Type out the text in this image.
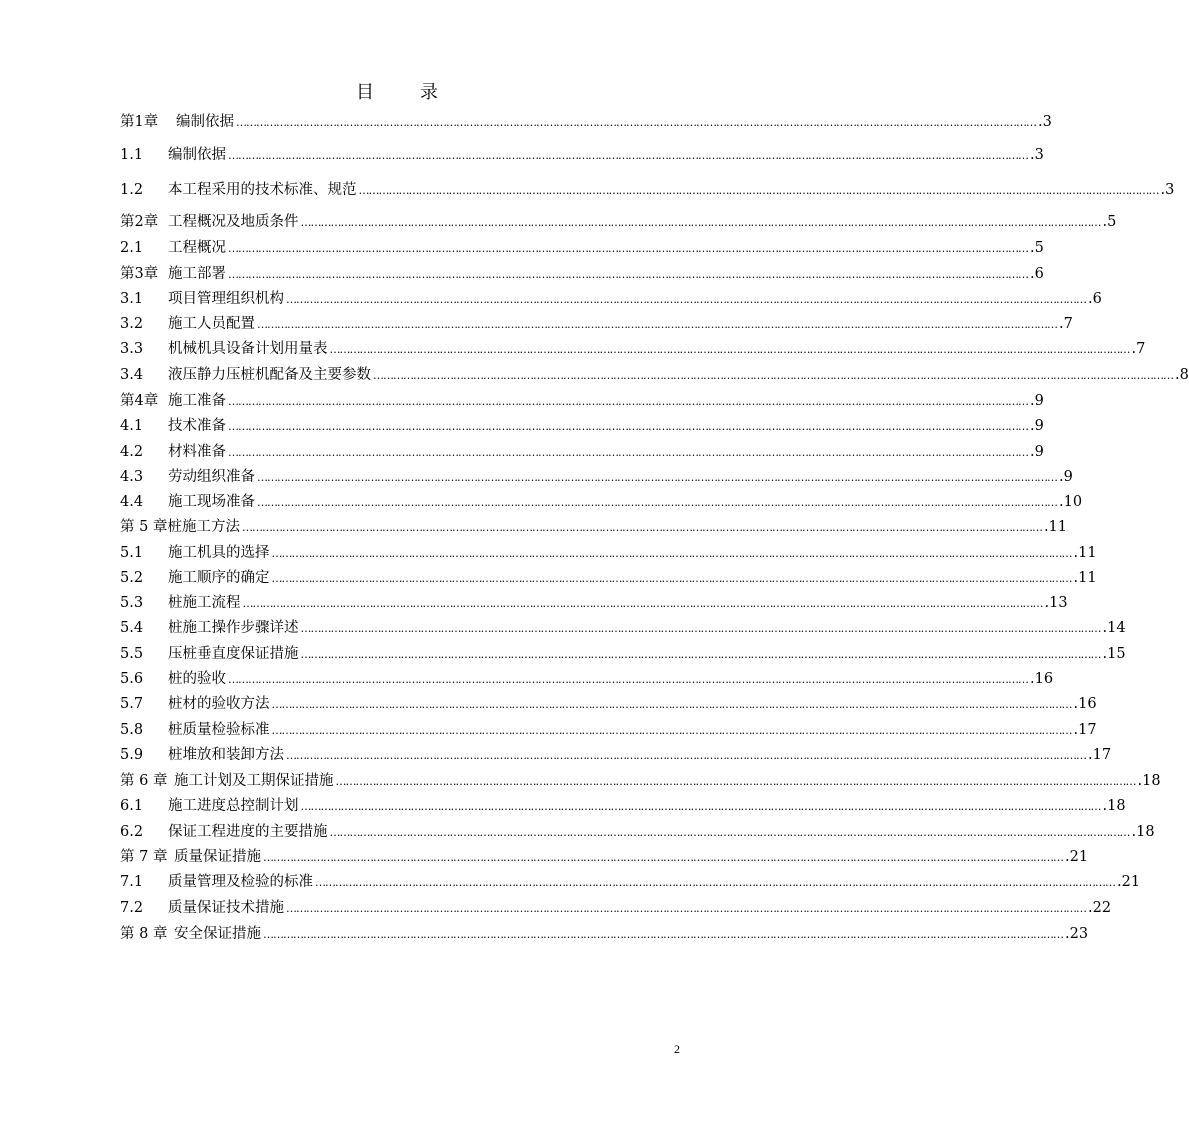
目　录
第1章	编制依据 …………………………………………………………………………………………………………………………………………………………………………………………………………………… .3
1.1	编制依据 …………………………………………………………………………………………………………………………………………………………………………………………………………………… .3
1.2	本工程采用的技术标准、规范 …………………………………………………………………………………………………………………………………………………………………………………………………………………… .3
第2章 工程概况及地质条件 …………………………………………………………………………………………………………………………………………………………………………………………………………………… .5
2.1	工程概况 …………………………………………………………………………………………………………………………………………………………………………………………………………………… .5
第3章 施工部署 …………………………………………………………………………………………………………………………………………………………………………………………………………………… .6
3.1	项目管理组织机构 …………………………………………………………………………………………………………………………………………………………………………………………………………………… .6
3.2	施工人员配置 …………………………………………………………………………………………………………………………………………………………………………………………………………………… .7
3.3	机械机具设备计划用量表 …………………………………………………………………………………………………………………………………………………………………………………………………………………… .7
3.4	液压静力压桩机配备及主要参数 …………………………………………………………………………………………………………………………………………………………………………………………………………………… .8
第4章 施工准备 …………………………………………………………………………………………………………………………………………………………………………………………………………………… .9
4.1	技术准备 …………………………………………………………………………………………………………………………………………………………………………………………………………………… .9
4.2	材料准备 …………………………………………………………………………………………………………………………………………………………………………………………………………………… .9
4.3	劳动组织准备 …………………………………………………………………………………………………………………………………………………………………………………………………………………… .9
4.4	施工现场准备 …………………………………………………………………………………………………………………………………………………………………………………………………………………… .10
第 5 章 桩施工方法 …………………………………………………………………………………………………………………………………………………………………………………………………………………… .11
5.1	施工机具的选择 …………………………………………………………………………………………………………………………………………………………………………………………………………………… .11
5.2	施工顺序的确定 …………………………………………………………………………………………………………………………………………………………………………………………………………………… .11
5.3	桩施工流程 …………………………………………………………………………………………………………………………………………………………………………………………………………………… .13
5.4	桩施工操作步骤详述 …………………………………………………………………………………………………………………………………………………………………………………………………………………… .14
5.5	压桩垂直度保证措施 …………………………………………………………………………………………………………………………………………………………………………………………………………………… .15
5.6	桩的验收 …………………………………………………………………………………………………………………………………………………………………………………………………………………… .16
5.7	桩材的验收方法 …………………………………………………………………………………………………………………………………………………………………………………………………………………… .16
5.8	桩质量检验标准 …………………………………………………………………………………………………………………………………………………………………………………………………………………… .17
5.9	桩堆放和装卸方法 …………………………………………………………………………………………………………………………………………………………………………………………………………………… .17
第 6 章 施工计划及工期保证措施 …………………………………………………………………………………………………………………………………………………………………………………………………………………… .18
6.1	施工进度总控制计划 …………………………………………………………………………………………………………………………………………………………………………………………………………………… .18
6.2	保证工程进度的主要措施 …………………………………………………………………………………………………………………………………………………………………………………………………………………… .18
第 7 章 质量保证措施 …………………………………………………………………………………………………………………………………………………………………………………………………………………… .21
7.1	质量管理及检验的标准 …………………………………………………………………………………………………………………………………………………………………………………………………………………… .21
7.2	质量保证技术措施 …………………………………………………………………………………………………………………………………………………………………………………………………………………… .22
第 8 章 安全保证措施 …………………………………………………………………………………………………………………………………………………………………………………………………………………… .23
2
